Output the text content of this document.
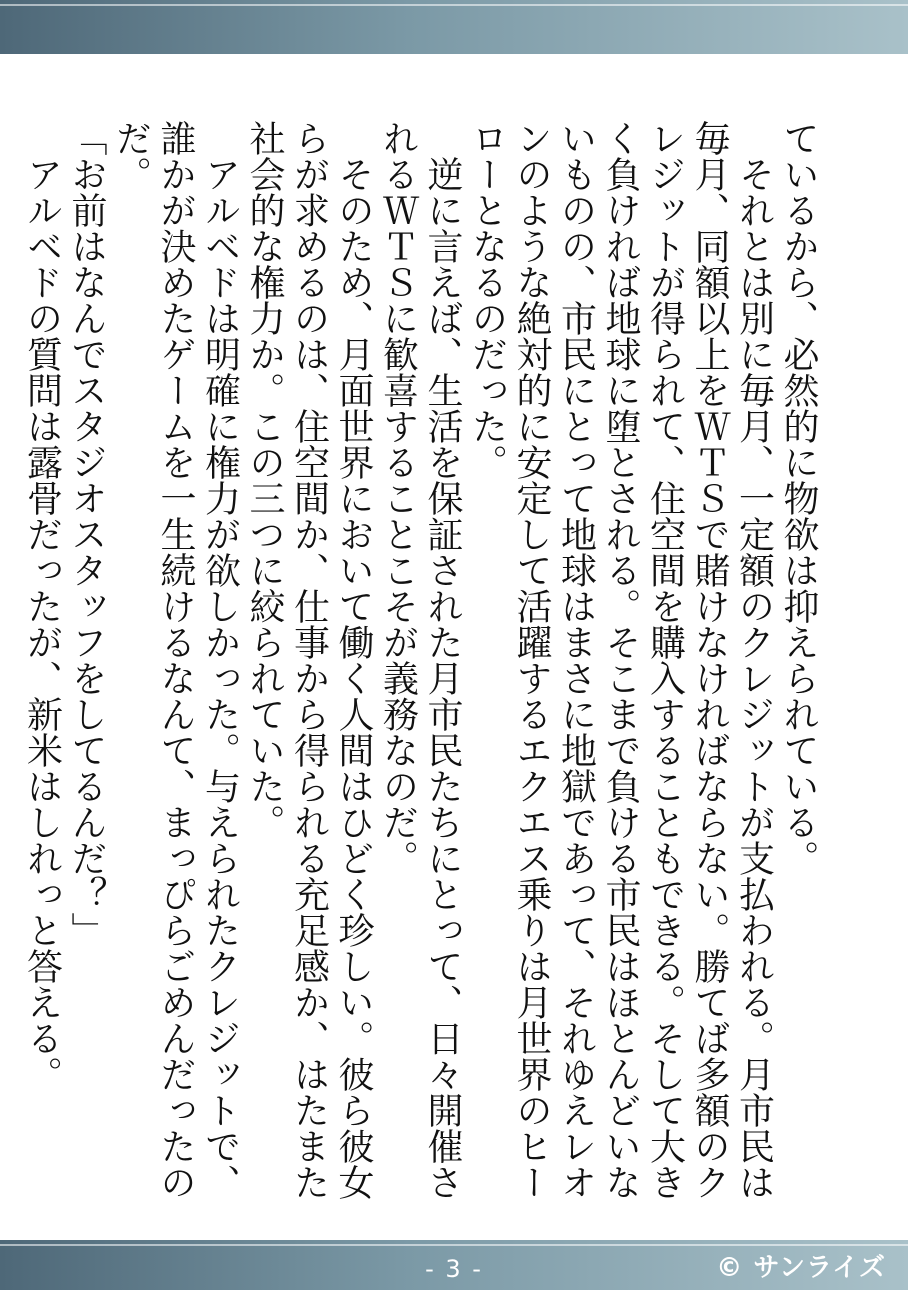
ているから、必然的に物欲は抑えられている。

　それとは別に毎月、一定額のクレジットが支払われる。月市民は毎月、同額以上をＷＴＳで賭けなければならない。勝てば多額のクレジットが得られて、住空間を購入することもできる。そして大きく負ければ地球に堕とされる。そこまで負ける市民はほとんどいないものの、市民にとって地球はまさに地獄であって、それゆえレオンのような絶対的に安定して活躍するエクエス乗りは月世界のヒーローとなるのだった。

　逆に言えば、生活を保証された月市民たちにとって、日々開催されるＷＴＳに歓喜することこそが義務なのだ。

　そのため、月面世界において働く人間はひどく珍しい。彼ら彼女らが求めるのは、住空間か、仕事から得られる充足感か、はたまた社会的な権力か。この三つに絞られていた。

　アルベドは明確に権力が欲しかった。与えられたクレジットで、誰かが決めたゲームを一生続けるなんて、まっぴらごめんだったのだ。

「お前はなんでスタジオスタッフをしてるんだ？」

　アルベドの質問は露骨だったが、新米はしれっと答える。

- 3 -	© サンライズ
